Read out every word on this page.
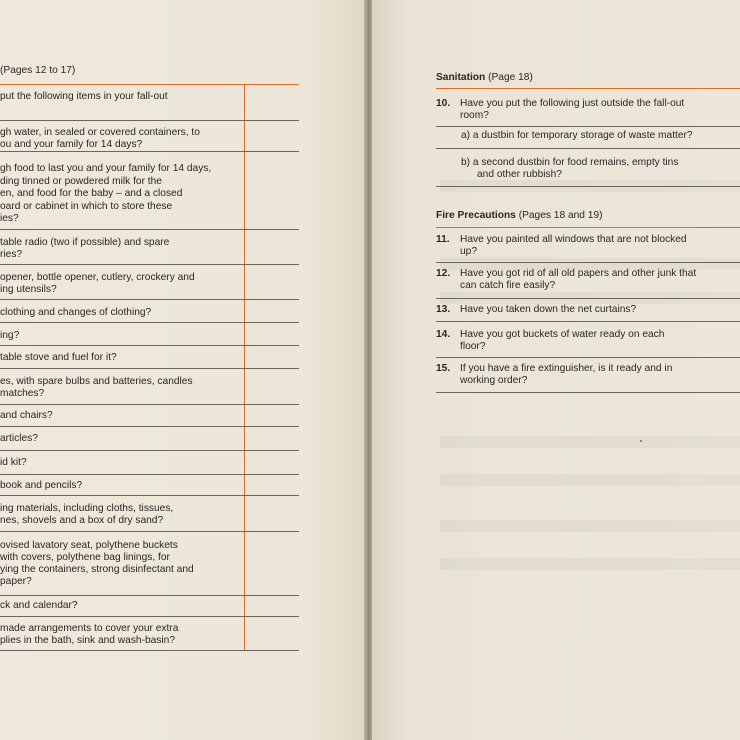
(Pages 12 to 17)
put the following items in your fall-out
gh water, in sealed or covered containers, to
ou and your family for 14 days?
gh food to last you and your family for 14 days,
ding tinned or powdered milk for the
en, and food for the baby – and a closed
oard or cabinet in which to store these
ies?
table radio (two if possible) and spare
ries?
opener, bottle opener, cutlery, crockery and
ing utensils?
clothing and changes of clothing?
ing?
table stove and fuel for it?
es, with spare bulbs and batteries, candles
matches?
and chairs?
articles?
id kit?
book and pencils?
ing materials, including cloths, tissues,
nes, shovels and a box of dry sand?
ovised lavatory seat, polythene buckets
with covers, polythene bag linings, for
ying the containers, strong disinfectant and
paper?
ck and calendar?
made arrangements to cover your extra
plies in the bath, sink and wash-basin?
Sanitation (Page 18)
10. Have you put the following just outside the fall-out
room?
a) a dustbin for temporary storage of waste matter?
b) a second dustbin for food remains, empty tins
and other rubbish?
Fire Precautions (Pages 18 and 19)
11. Have you painted all windows that are not blocked
up?
12. Have you got rid of all old papers and other junk that
can catch fire easily?
13. Have you taken down the net curtains?
14. Have you got buckets of water ready on each
floor?
15. If you have a fire extinguisher, is it ready and in
working order?
